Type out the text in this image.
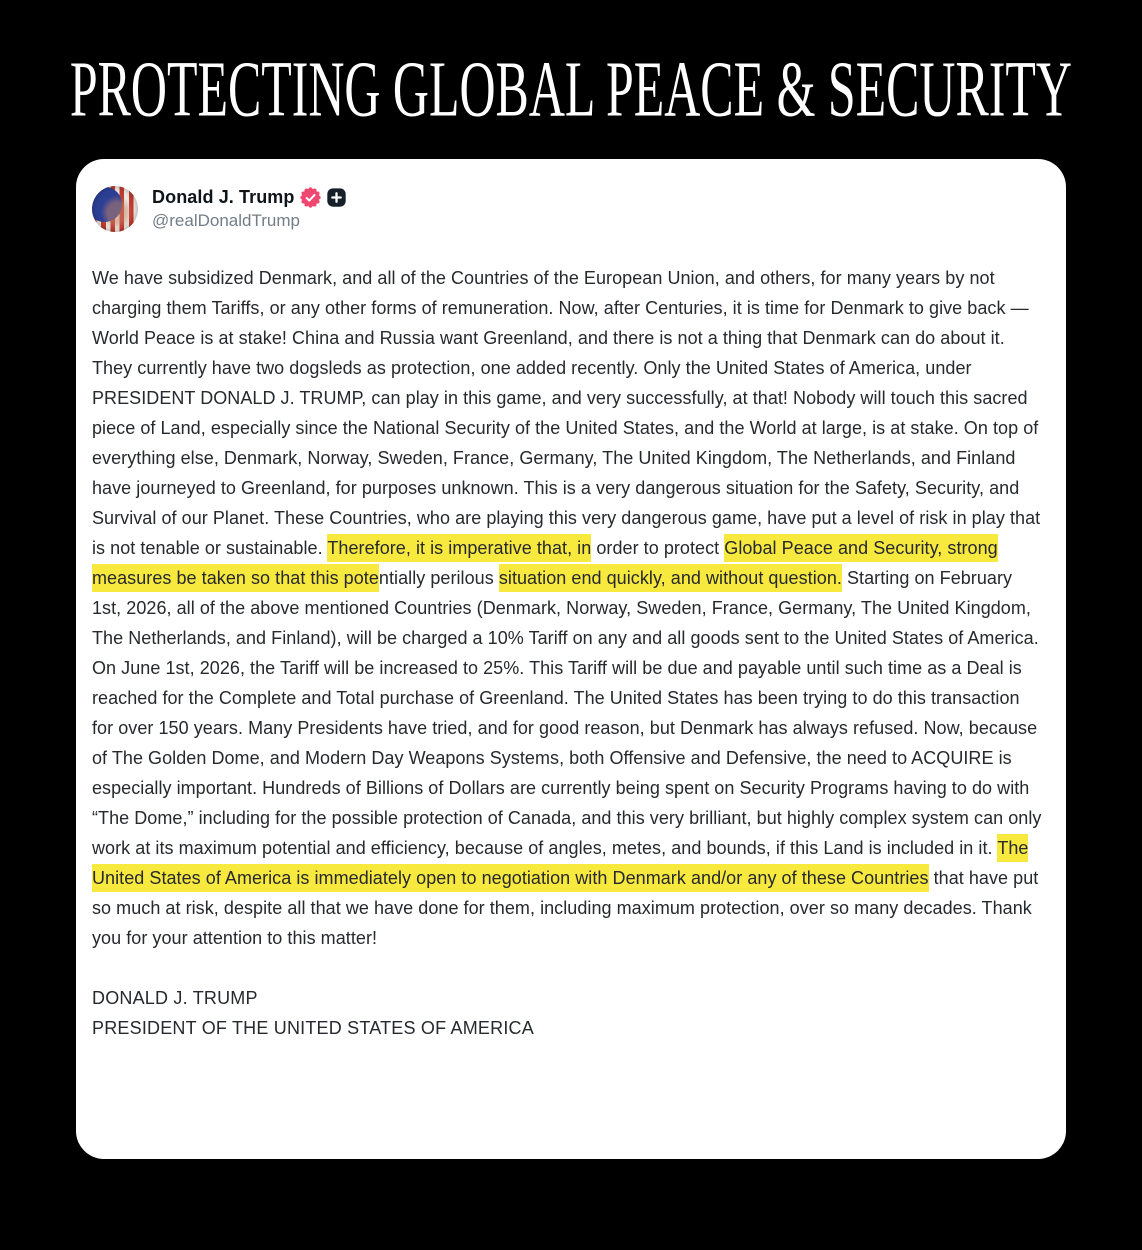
PROTECTING GLOBAL PEACE & SECURITY
Donald J. Trump
@realDonaldTrump
We have subsidized Denmark, and all of the Countries of the European Union, and others, for many years by not charging them Tariffs, or any other forms of remuneration. Now, after Centuries, it is time for Denmark to give back — World Peace is at stake! China and Russia want Greenland, and there is not a thing that Denmark can do about it. They currently have two dogsleds as protection, one added recently. Only the United States of America, under PRESIDENT DONALD J. TRUMP, can play in this game, and very successfully, at that! Nobody will touch this sacred piece of Land, especially since the National Security of the United States, and the World at large, is at stake. On top of everything else, Denmark, Norway, Sweden, France, Germany, The United Kingdom, The Netherlands, and Finland have journeyed to Greenland, for purposes unknown. This is a very dangerous situation for the Safety, Security, and Survival of our Planet. These Countries, who are playing this very dangerous game, have put a level of risk in play that is not tenable or sustainable. Therefore, it is imperative that, in order to protect Global Peace and Security, strong measures be taken so that this potentially perilous situation end quickly, and without question. Starting on February 1st, 2026, all of the above mentioned Countries (Denmark, Norway, Sweden, France, Germany, The United Kingdom, The Netherlands, and Finland), will be charged a 10% Tariff on any and all goods sent to the United States of America. On June 1st, 2026, the Tariff will be increased to 25%. This Tariff will be due and payable until such time as a Deal is reached for the Complete and Total purchase of Greenland. The United States has been trying to do this transaction for over 150 years. Many Presidents have tried, and for good reason, but Denmark has always refused. Now, because of The Golden Dome, and Modern Day Weapons Systems, both Offensive and Defensive, the need to ACQUIRE is especially important. Hundreds of Billions of Dollars are currently being spent on Security Programs having to do with “The Dome,” including for the possible protection of Canada, and this very brilliant, but highly complex system can only work at its maximum potential and efficiency, because of angles, metes, and bounds, if this Land is included in it. The United States of America is immediately open to negotiation with Denmark and/or any of these Countries that have put so much at risk, despite all that we have done for them, including maximum protection, over so many decades. Thank you for your attention to this matter!
DONALD J. TRUMP
PRESIDENT OF THE UNITED STATES OF AMERICA
